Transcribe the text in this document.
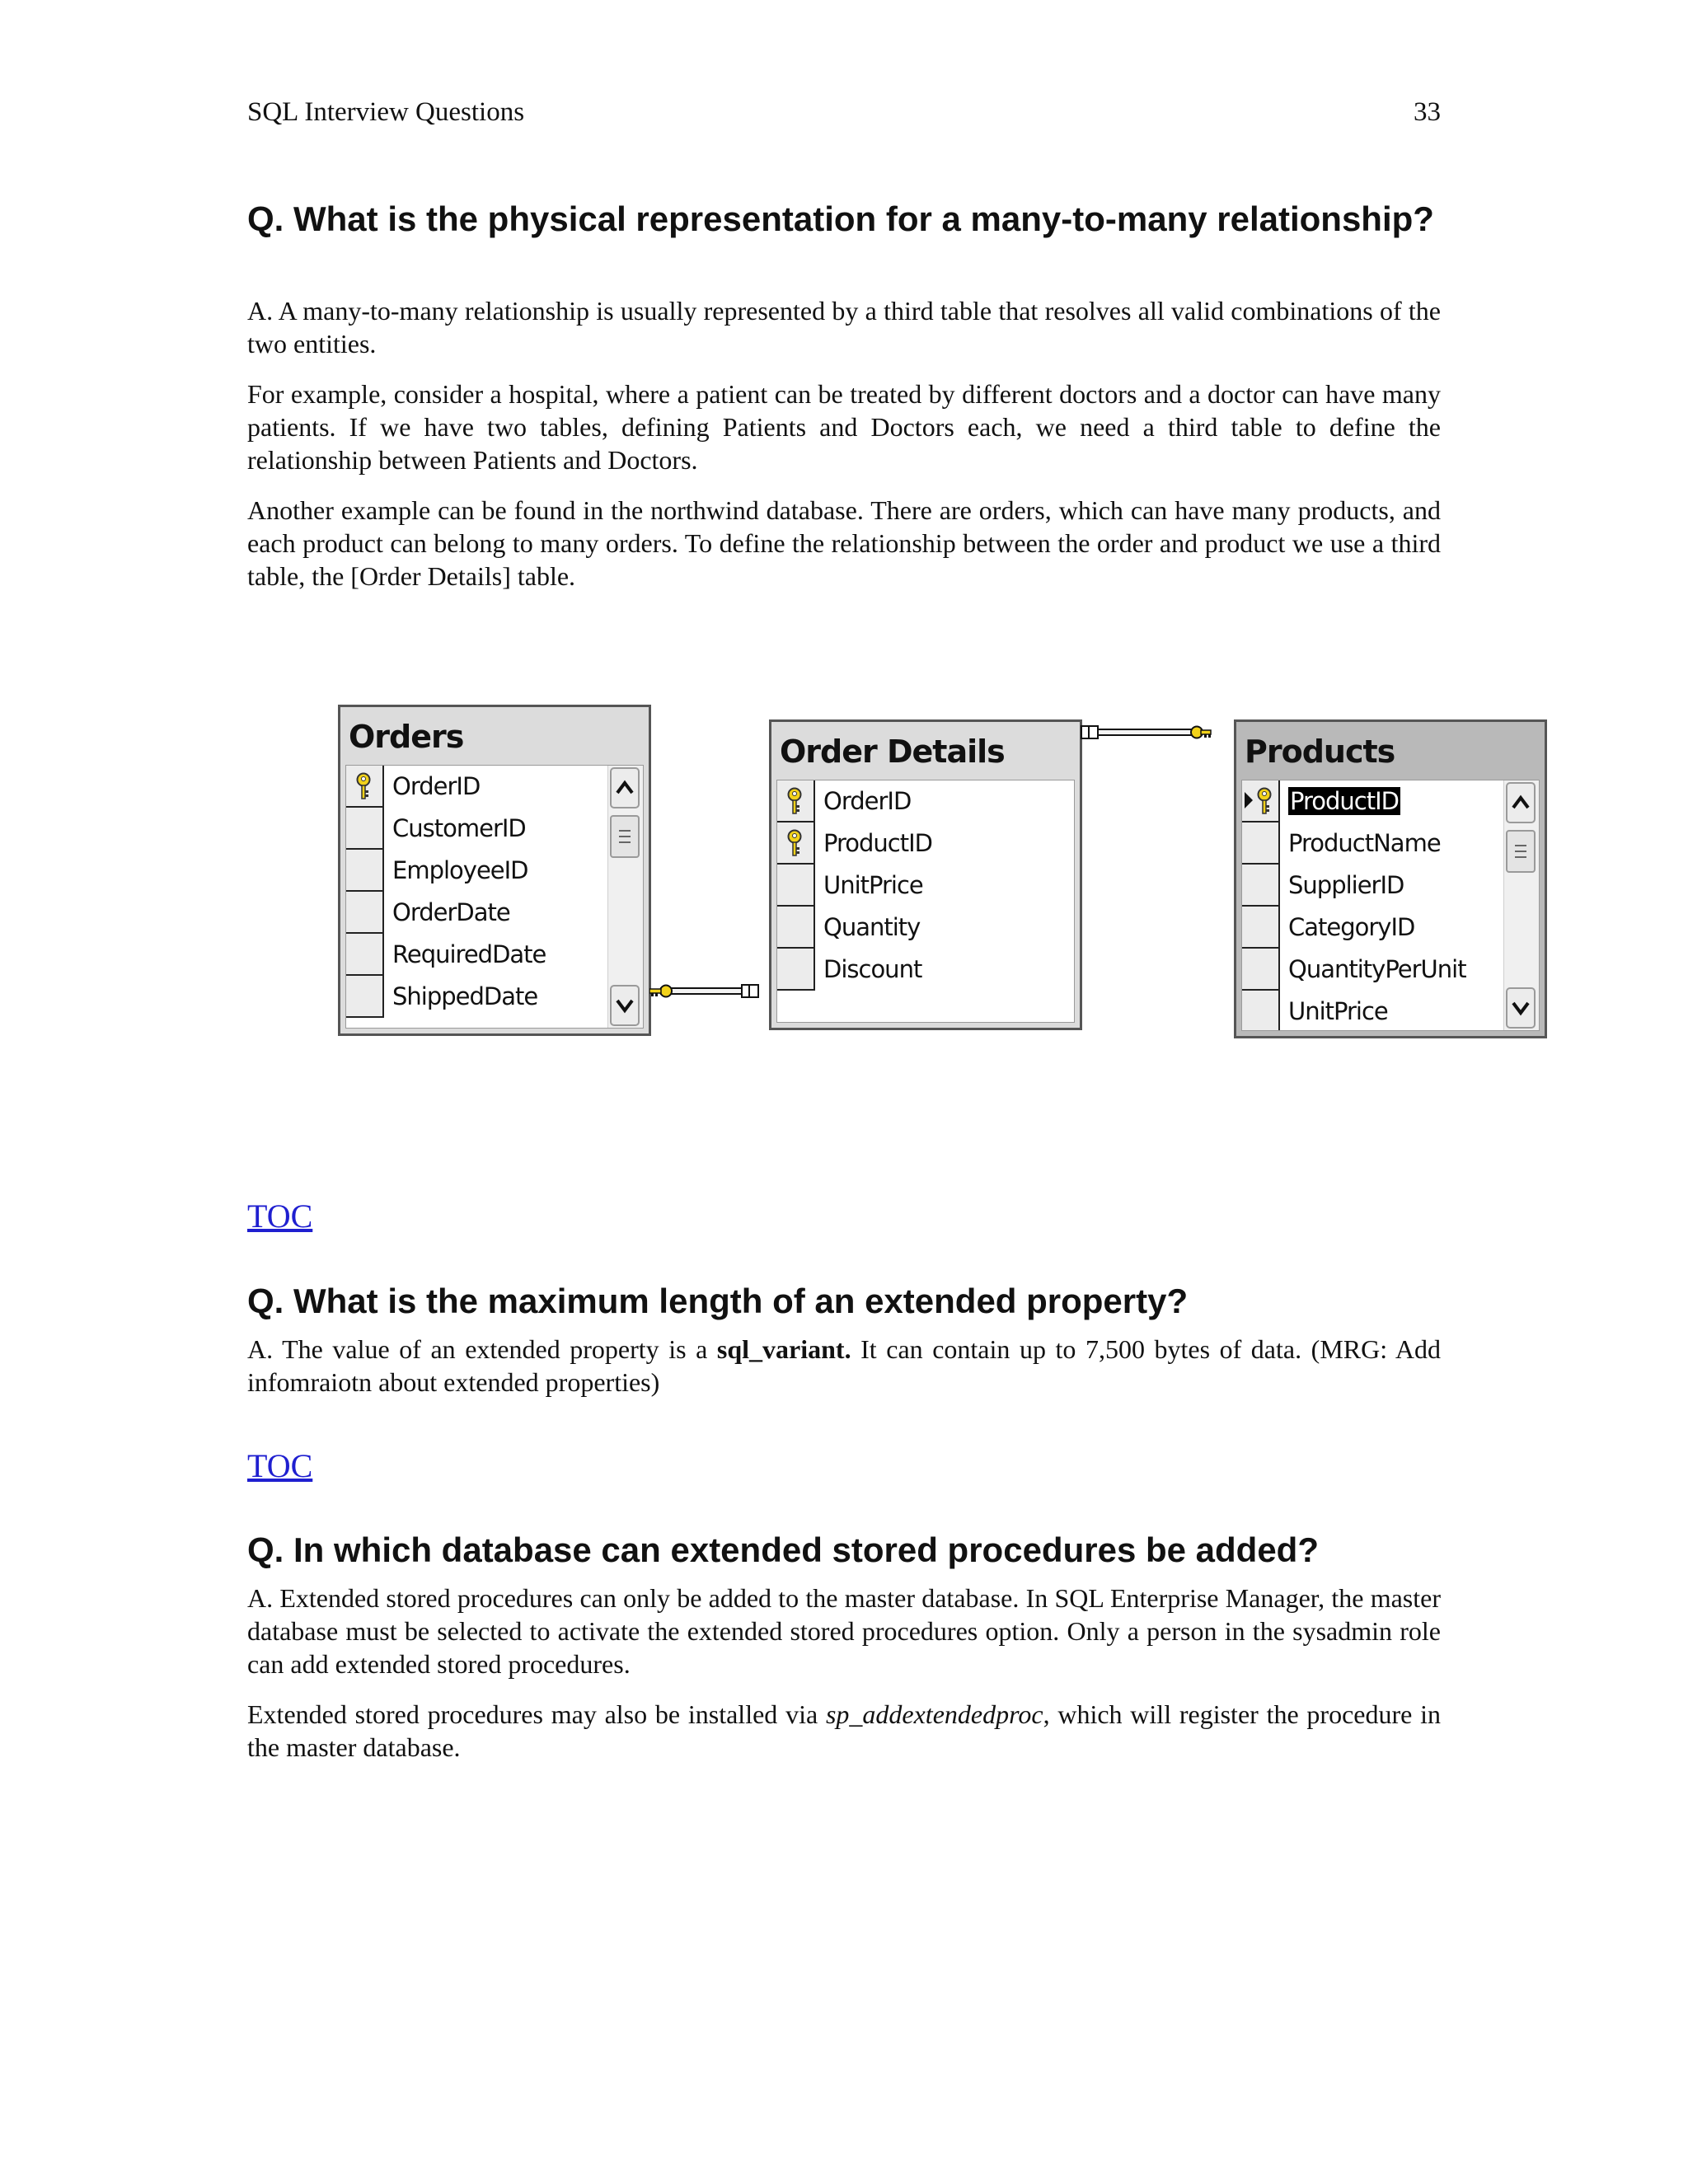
SQL Interview Questions	33
Q. What is the physical representation for a many-to-many relationship?

A. A many-to-many relationship is usually represented by a third table that resolves all valid combinations of the two entities.

For example, consider a hospital, where a patient can be treated by different doctors and a doctor can have many patients. If we have two tables, defining Patients and Doctors each, we need a third table to define the relationship between Patients and Doctors.

Another example can be found in the northwind database. There are orders, which can have many products, and each product can belong to many orders. To define the relationship between the order and product we use a third table, the [Order Details] table.

Orders
OrderID
CustomerID
EmployeeID
OrderDate
RequiredDate
ShippedDate
Order Details
OrderID
ProductID
UnitPrice
Quantity
Discount
Products
ProductID
ProductName
SupplierID
CategoryID
QuantityPerUnit
UnitPrice
TOC
Q. What is the maximum length of an extended property?

A. The value of an extended property is a sql_variant. It can contain up to 7,500 bytes of data. (MRG: Add infomraiotn about extended properties)

TOC
Q. In which database can extended stored procedures be added?

A. Extended stored procedures can only be added to the master database. In SQL Enterprise Manager, the master database must be selected to activate the extended stored procedures option. Only a person in the sysadmin role can add extended stored procedures.

Extended stored procedures may also be installed via sp_addextendedproc, which will register the procedure in the master database.
